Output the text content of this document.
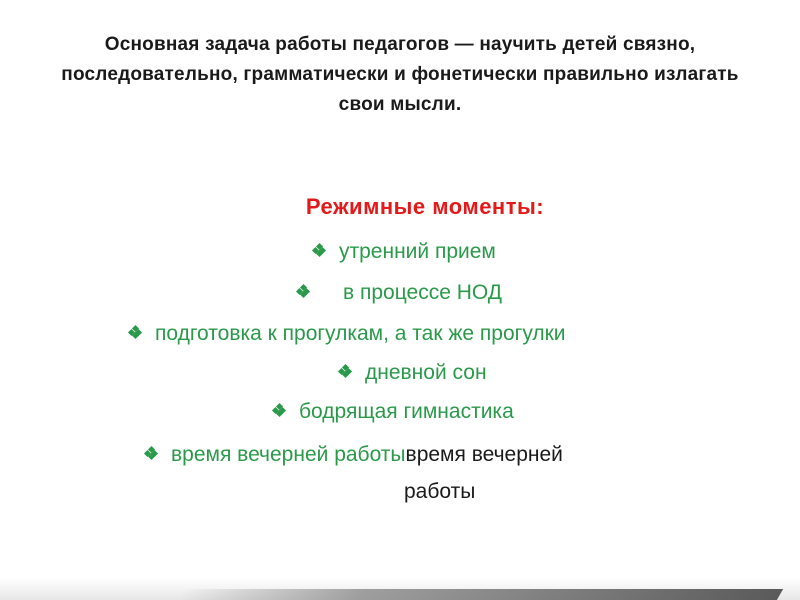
Основная задача работы педагогов — научить детей связно, последовательно, грамматически и фонетически правильно излагать свои мысли.
Режимные моменты:
утренний прием
в процессе НОД
подготовка к прогулкам, а так же прогулки
дневной сон
бодрящая гимнастика
время вечерней работывремя вечерней
работы
